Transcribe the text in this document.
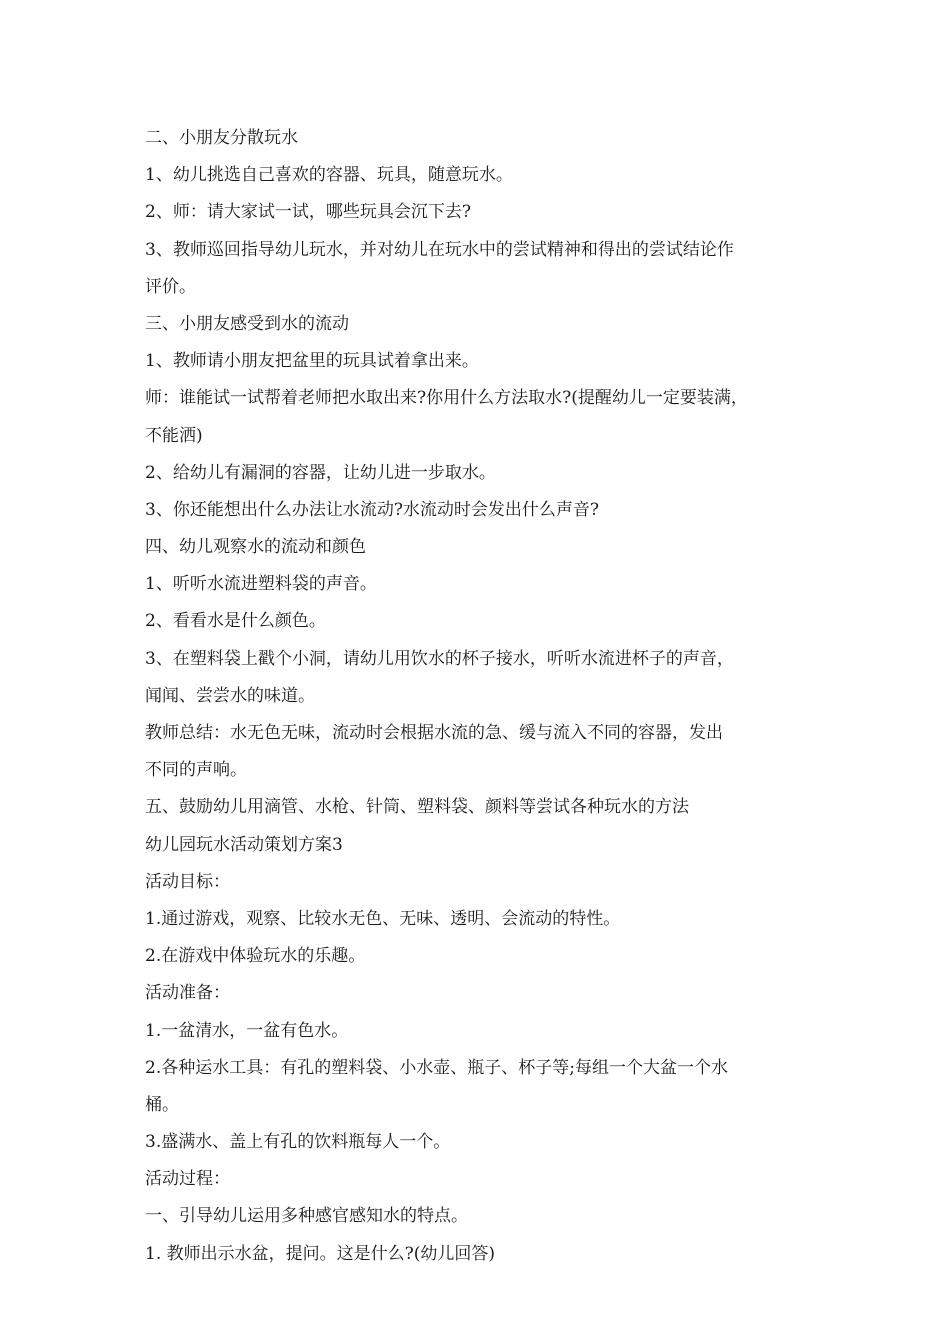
二、小朋友分散玩水

1、幼儿挑选自己喜欢的容器、玩具，随意玩水。

2、师：请大家试一试，哪些玩具会沉下去?

3、教师巡回指导幼儿玩水，并对幼儿在玩水中的尝试精神和得出的尝试结论作

评价。

三、小朋友感受到水的流动

1、教师请小朋友把盆里的玩具试着拿出来。

师：谁能试一试帮着老师把水取出来?你用什么方法取水?(提醒幼儿一定要装满，

不能洒)

2、给幼儿有漏洞的容器，让幼儿进一步取水。

3、你还能想出什么办法让水流动?水流动时会发出什么声音?

四、幼儿观察水的流动和颜色

1、听听水流进塑料袋的声音。

2、看看水是什么颜色。

3、在塑料袋上戳个小洞，请幼儿用饮水的杯子接水，听听水流进杯子的声音，

闻闻、尝尝水的味道。

教师总结：水无色无味，流动时会根据水流的急、缓与流入不同的容器，发出

不同的声响。

五、鼓励幼儿用滴管、水枪、针筒、塑料袋、颜料等尝试各种玩水的方法

幼儿园玩水活动策划方案3

活动目标：

1.通过游戏，观察、比较水无色、无味、透明、会流动的特性。

2.在游戏中体验玩水的乐趣。

活动准备：

1.一盆清水，一盆有色水。

2.各种运水工具：有孔的塑料袋、小水壶、瓶子、杯子等;每组一个大盆一个水

桶。

3.盛满水、盖上有孔的饮料瓶每人一个。

活动过程：

一、引导幼儿运用多种感官感知水的特点。

1. 教师出示水盆，提问。这是什么?(幼儿回答)
